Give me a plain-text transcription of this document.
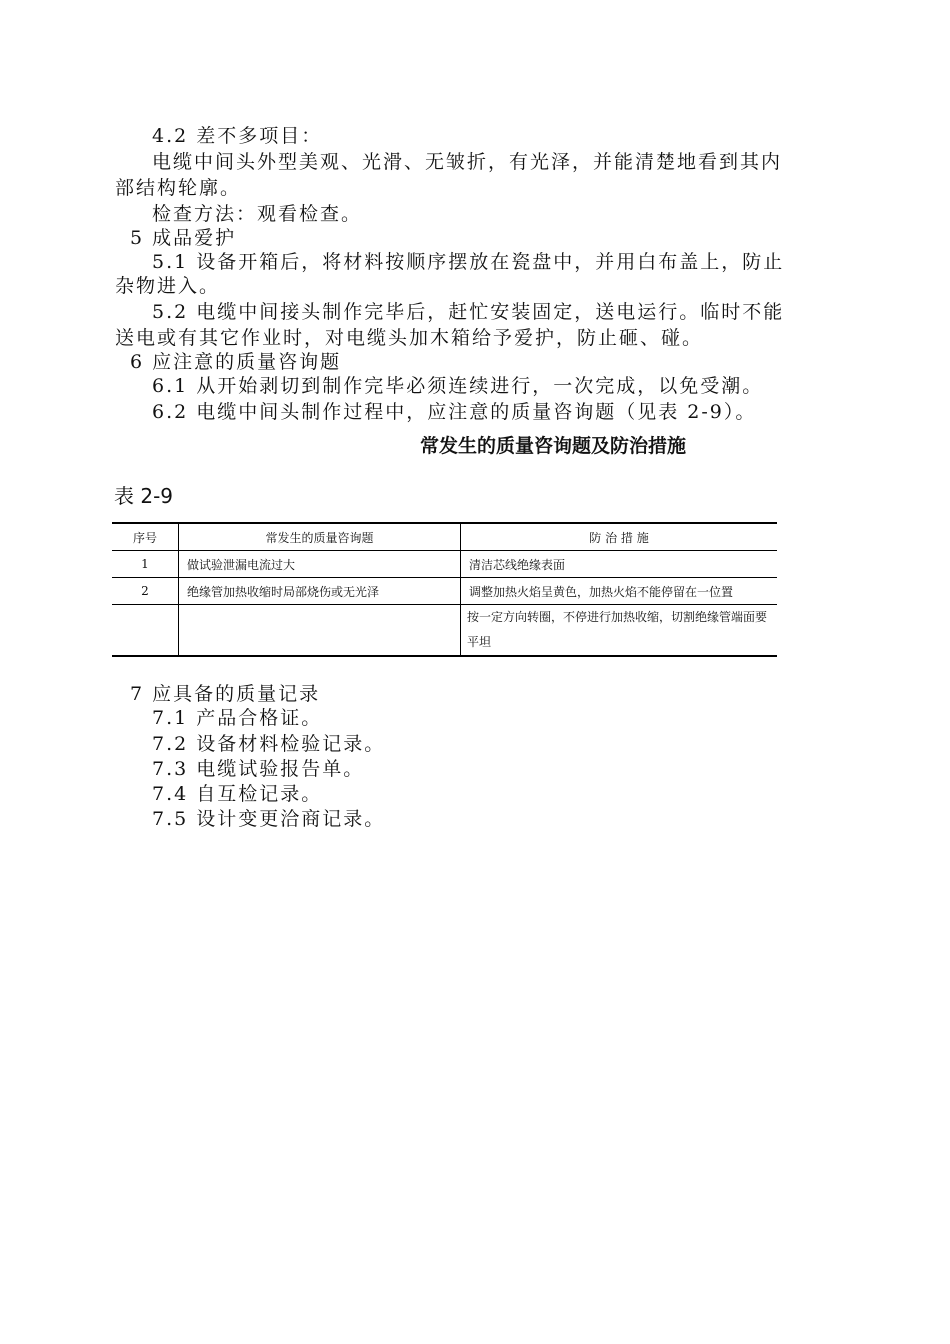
4.2 差不多项目：
电缆中间头外型美观、光滑、无皱折，有光泽，并能清楚地看到其内
部结构轮廓。
检查方法：观看检查。
5 成品爱护
5.1 设备开箱后，将材料按顺序摆放在瓷盘中，并用白布盖上，防止
杂物进入。
5.2 电缆中间接头制作完毕后，赶忙安装固定，送电运行。临时不能
送电或有其它作业时，对电缆头加木箱给予爱护，防止砸、碰。
6 应注意的质量咨询题
6.1 从开始剥切到制作完毕必须连续进行，一次完成，以免受潮。
6.2 电缆中间头制作过程中，应注意的质量咨询题（见表 2-9）。
常发生的质量咨询题及防治措施
表 2-9
序号	常发生的质量咨询题	防 治 措 施
1	做试验泄漏电流过大	清洁芯线绝缘表面
2	绝缘管加热收缩时局部烧伤或无光泽	调整加热火焰呈黄色，加热火焰不能停留在一位置
		按一定方向转圈，不停进行加热收缩，切割绝缘管端面要平坦
7 应具备的质量记录
7.1 产品合格证。
7.2 设备材料检验记录。
7.3 电缆试验报告单。
7.4 自互检记录。
7.5 设计变更洽商记录。
